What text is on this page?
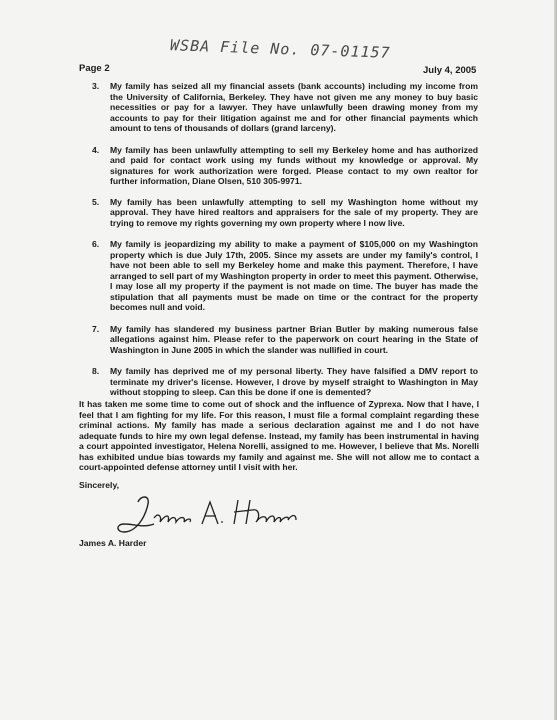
WSBA File No. 07-01157
Page 2	July 4, 2005
3.	My family has seized all my financial assets (bank accounts) including my income from the University of California, Berkeley. They have not given me any money to buy basic necessities or pay for a lawyer. They have unlawfully been drawing money from my accounts to pay for their litigation against me and for other financial payments which amount to tens of thousands of dollars (grand larceny).
4.	My family has been unlawfully attempting to sell my Berkeley home and has authorized and paid for contact work using my funds without my knowledge or approval. My signatures for work authorization were forged. Please contact to my own realtor for further information, Diane Olsen, 510 305-9971.
5.	My family has been unlawfully attempting to sell my Washington home without my approval. They have hired realtors and appraisers for the sale of my property. They are trying to remove my rights governing my own property where I now live.
6.	My family is jeopardizing my ability to make a payment of $105,000 on my Washington property which is due July 17th, 2005. Since my assets are under my family's control, I have not been able to sell my Berkeley home and make this payment. Therefore, I have arranged to sell part of my Washington property in order to meet this payment. Otherwise, I may lose all my property if the payment is not made on time. The buyer has made the stipulation that all payments must be made on time or the contract for the property becomes null and void.
7.	My family has slandered my business partner Brian Butler by making numerous false allegations against him. Please refer to the paperwork on court hearing in the State of Washington in June 2005 in which the slander was nullified in court.
8.	My family has deprived me of my personal liberty. They have falsified a DMV report to terminate my driver's license. However, I drove by myself straight to Washington in May without stopping to sleep. Can this be done if one is demented?
It has taken me some time to come out of shock and the influence of Zyprexa. Now that I have, I feel that I am fighting for my life. For this reason, I must file a formal complaint regarding these criminal actions. My family has made a serious declaration against me and I do not have adequate funds to hire my own legal defense. Instead, my family has been instrumental in having a court appointed investigator, Helena Norelli, assigned to me. However, I believe that Ms. Norelli has exhibited undue bias towards my family and against me. She will not allow me to contact a court-appointed defense attorney until I visit with her.
Sincerely,
James A. Harder
